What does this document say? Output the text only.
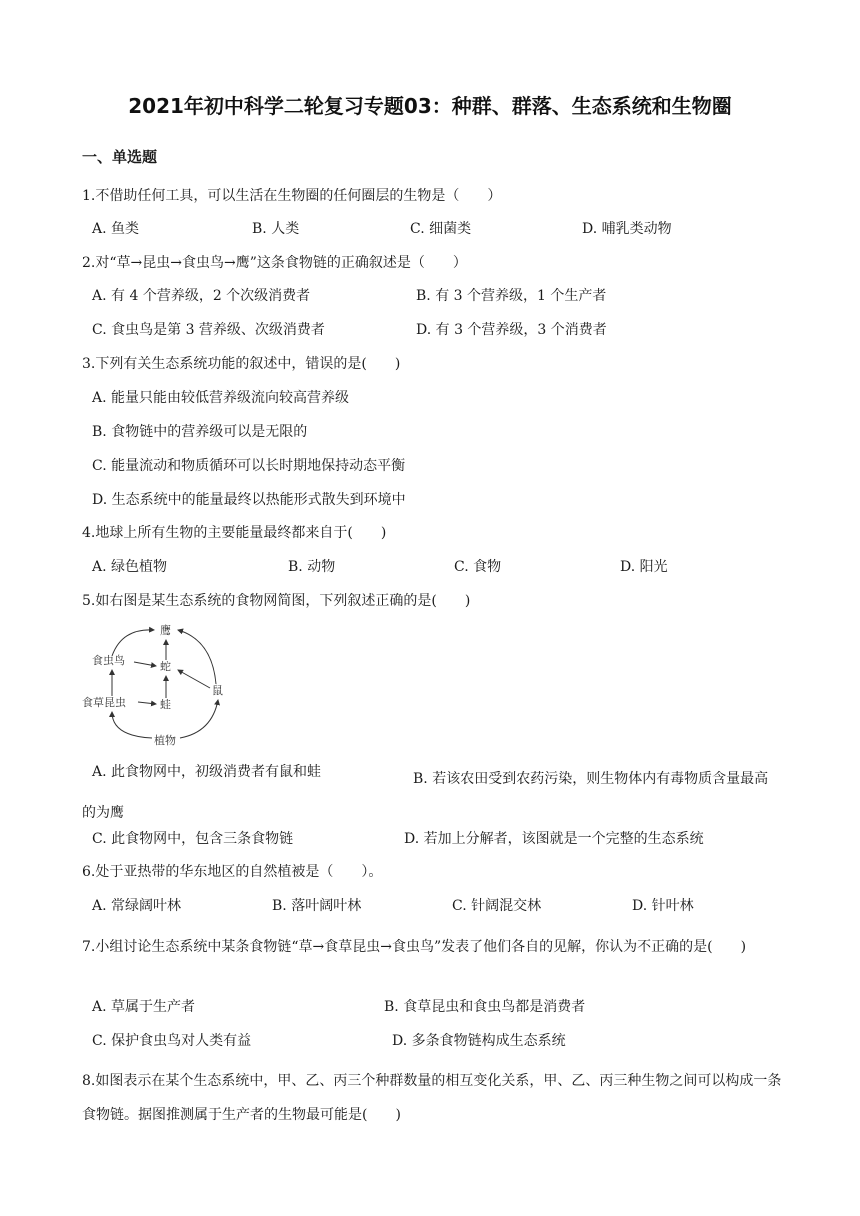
2021年初中科学二轮复习专题03：种群、群落、生态系统和生物圈
一、单选题
1.不借助任何工具，可以生活在生物圈的任何圈层的生物是（　　）
A. 鱼类	B. 人类	C. 细菌类	D. 哺乳类动物
2.对“草→昆虫→食虫鸟→鹰”这条食物链的正确叙述是（　　）
A. 有 4 个营养级，2 个次级消费者	B. 有 3 个营养级，1 个生产者
C. 食虫鸟是第 3 营养级、次级消费者	D. 有 3 个营养级，3 个消费者
3.下列有关生态系统功能的叙述中，错误的是(　　)
A. 能量只能由较低营养级流向较高营养级
B. 食物链中的营养级可以是无限的
C. 能量流动和物质循环可以长时期地保持动态平衡
D. 生态系统中的能量最终以热能形式散失到环境中
4.地球上所有生物的主要能量最终都来自于(　　)
A. 绿色植物	B. 动物	C. 食物	D. 阳光
5.如右图是某生态系统的食物网简图，下列叙述正确的是(　　)
鹰
食虫鸟	蛇
鼠
食草昆虫	蛙
植物
A. 此食物网中，初级消费者有鼠和蛙	B. 若该农田受到农药污染，则生物体内有毒物质含量最高的为鹰
C. 此食物网中，包含三条食物链	D. 若加上分解者，该图就是一个完整的生态系统
6.处于亚热带的华东地区的自然植被是（　　）。
A. 常绿阔叶林	B. 落叶阔叶林	C. 针阔混交林	D. 针叶林
7.小组讨论生态系统中某条食物链“草→食草昆虫→食虫鸟”发表了他们各自的见解，你认为不正确的是(　　)
A. 草属于生产者	B. 食草昆虫和食虫鸟都是消费者
C. 保护食虫鸟对人类有益	D. 多条食物链构成生态系统
8.如图表示在某个生态系统中，甲、乙、丙三个种群数量的相互变化关系，甲、乙、丙三种生物之间可以构成一条食物链。据图推测属于生产者的生物最可能是(　　)
